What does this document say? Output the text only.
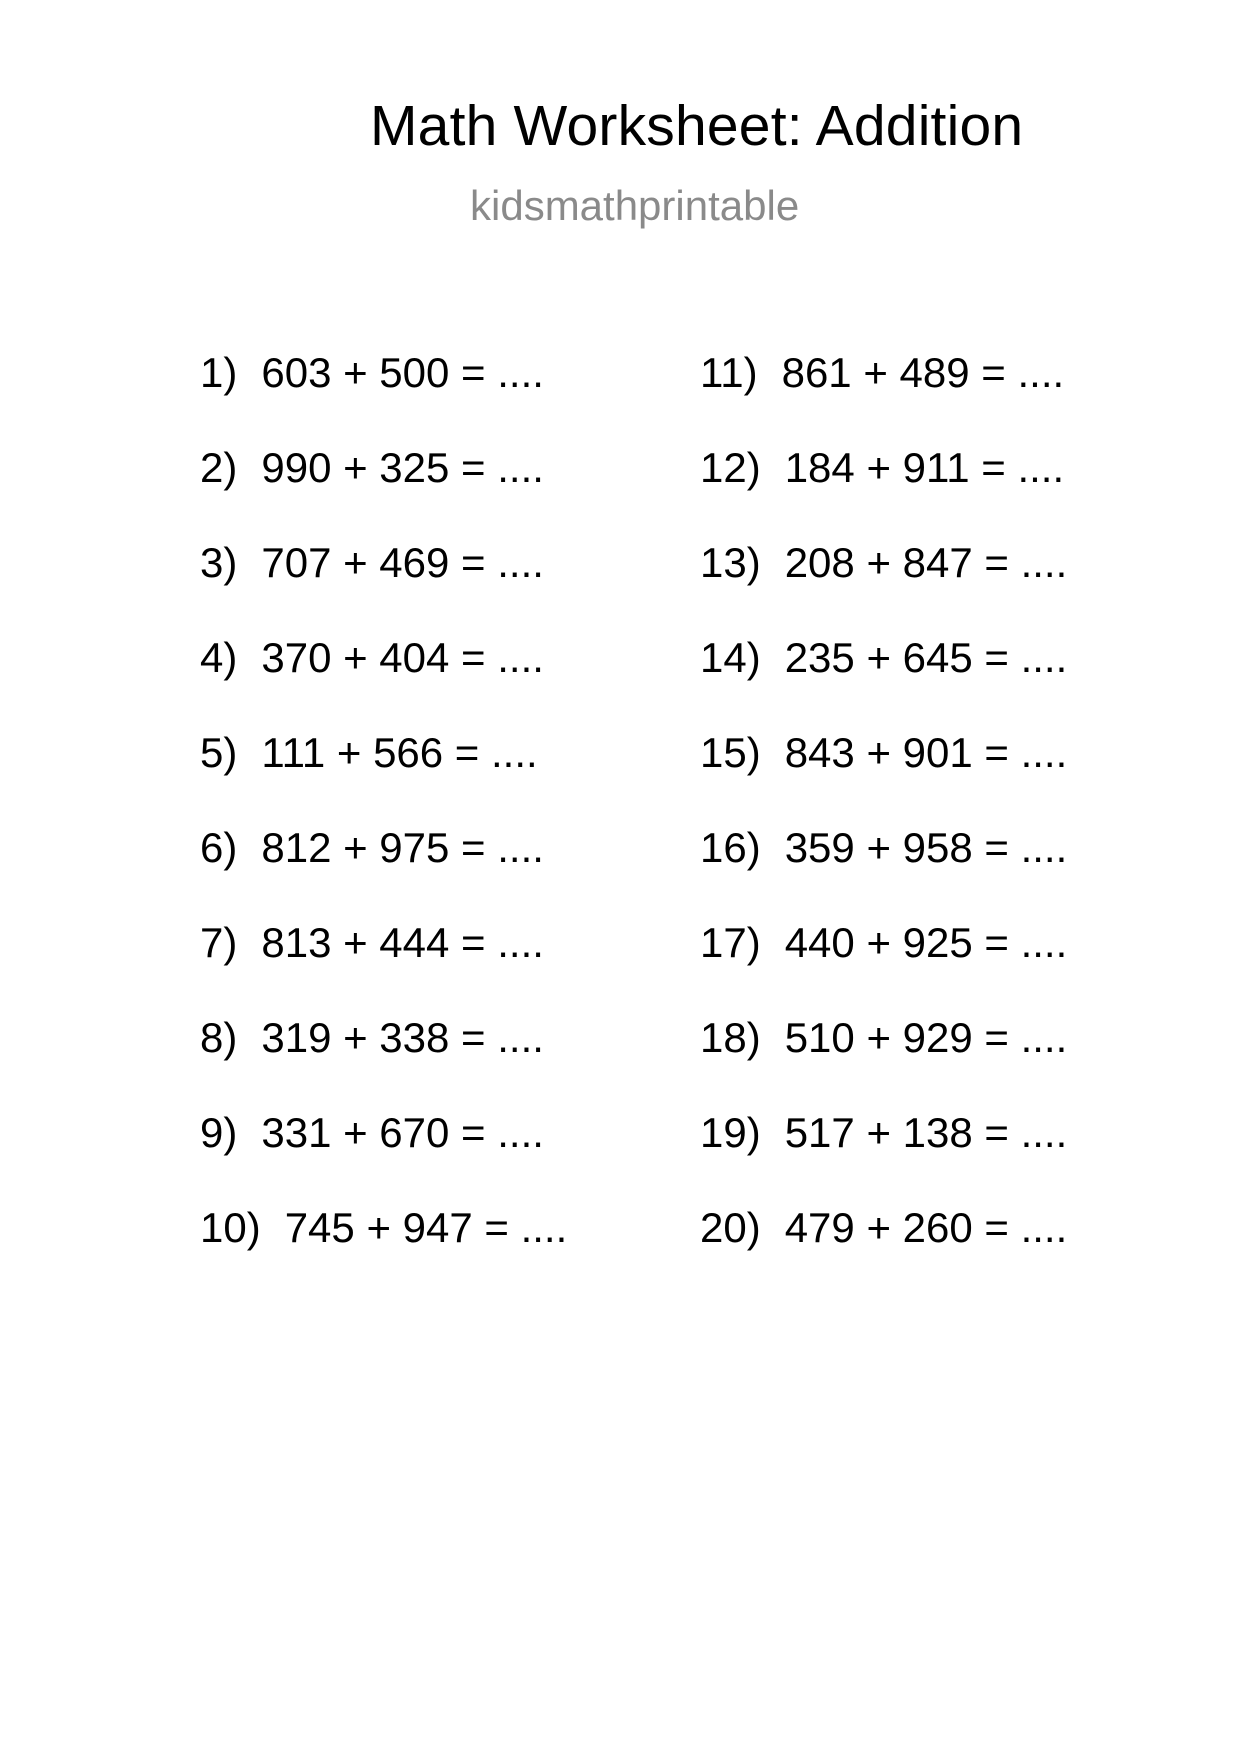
Math Worksheet: Addition
kidsmathprintable
1) 603 + 500 = ....
2) 990 + 325 = ....
3) 707 + 469 = ....
4) 370 + 404 = ....
5) 111 + 566 = ....
6) 812 + 975 = ....
7) 813 + 444 = ....
8) 319 + 338 = ....
9) 331 + 670 = ....
10) 745 + 947 = ....
11) 861 + 489 = ....
12) 184 + 911 = ....
13) 208 + 847 = ....
14) 235 + 645 = ....
15) 843 + 901 = ....
16) 359 + 958 = ....
17) 440 + 925 = ....
18) 510 + 929 = ....
19) 517 + 138 = ....
20) 479 + 260 = ....
